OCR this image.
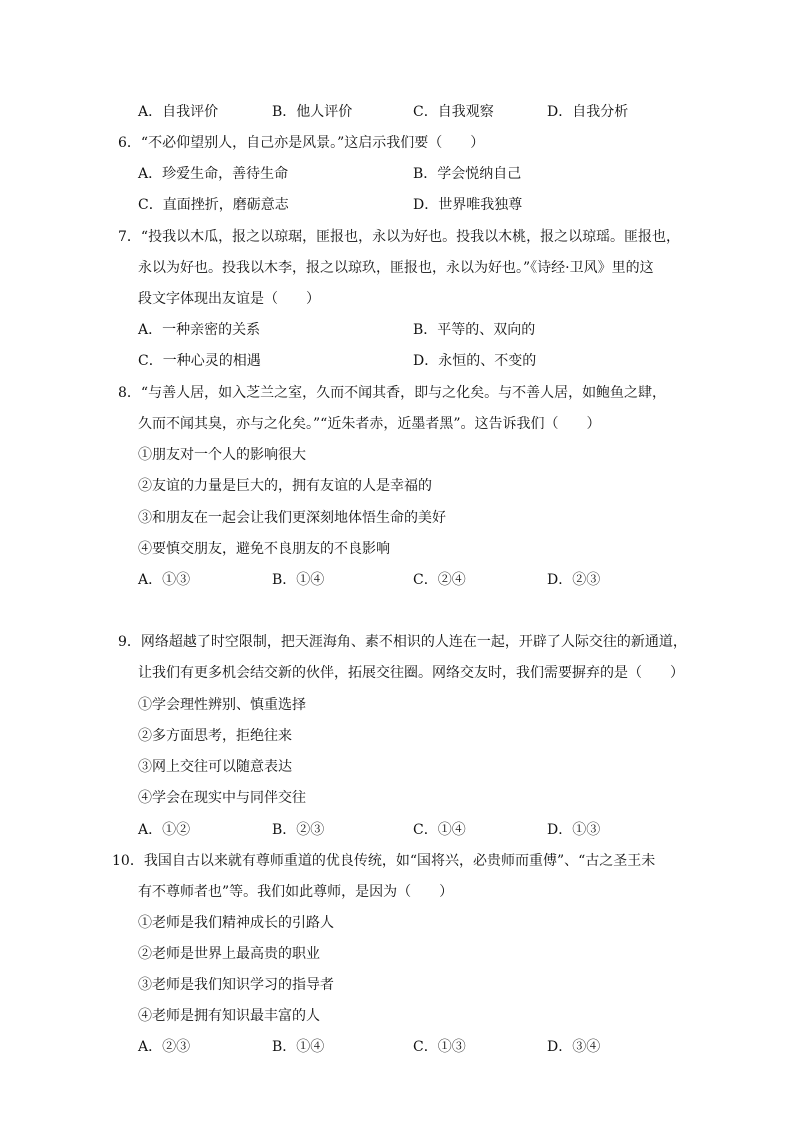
A．自我评价	B．他人评价	C．自我观察	D．自我分析
6．“不必仰望别人，自己亦是风景。”这启示我们要（　　）
A．珍爱生命，善待生命	B．学会悦纳自己
C．直面挫折，磨砺意志	D．世界唯我独尊
7．“投我以木瓜，报之以琼琚，匪报也，永以为好也。投我以木桃，报之以琼瑶。匪报也，
永以为好也。投我以木李，报之以琼玖，匪报也，永以为好也。”《诗经·卫风》里的这
段文字体现出友谊是（　　）
A．一种亲密的关系	B．平等的、双向的
C．一种心灵的相遇	D．永恒的、不变的
8．“与善人居，如入芝兰之室，久而不闻其香，即与之化矣。与不善人居，如鲍鱼之肆，
久而不闻其臭，亦与之化矣。”“近朱者赤，近墨者黑”。这告诉我们（　　）
①朋友对一个人的影响很大
②友谊的力量是巨大的，拥有友谊的人是幸福的
③和朋友在一起会让我们更深刻地体悟生命的美好
④要慎交朋友，避免不良朋友的不良影响
A．①③	B．①④	C．②④	D．②③
9．网络超越了时空限制，把天涯海角、素不相识的人连在一起，开辟了人际交往的新通道，
让我们有更多机会结交新的伙伴，拓展交往圈。网络交友时，我们需要摒弃的是（　　）
①学会理性辨别、慎重选择
②多方面思考，拒绝往来
③网上交往可以随意表达
④学会在现实中与同伴交往
A．①②	B．②③	C．①④	D．①③
10．我国自古以来就有尊师重道的优良传统，如“国将兴，必贵师而重傅”、“古之圣王未
有不尊师者也”等。我们如此尊师，是因为（　　）
①老师是我们精神成长的引路人
②老师是世界上最高贵的职业
③老师是我们知识学习的指导者
④老师是拥有知识最丰富的人
A．②③	B．①④	C．①③	D．③④
